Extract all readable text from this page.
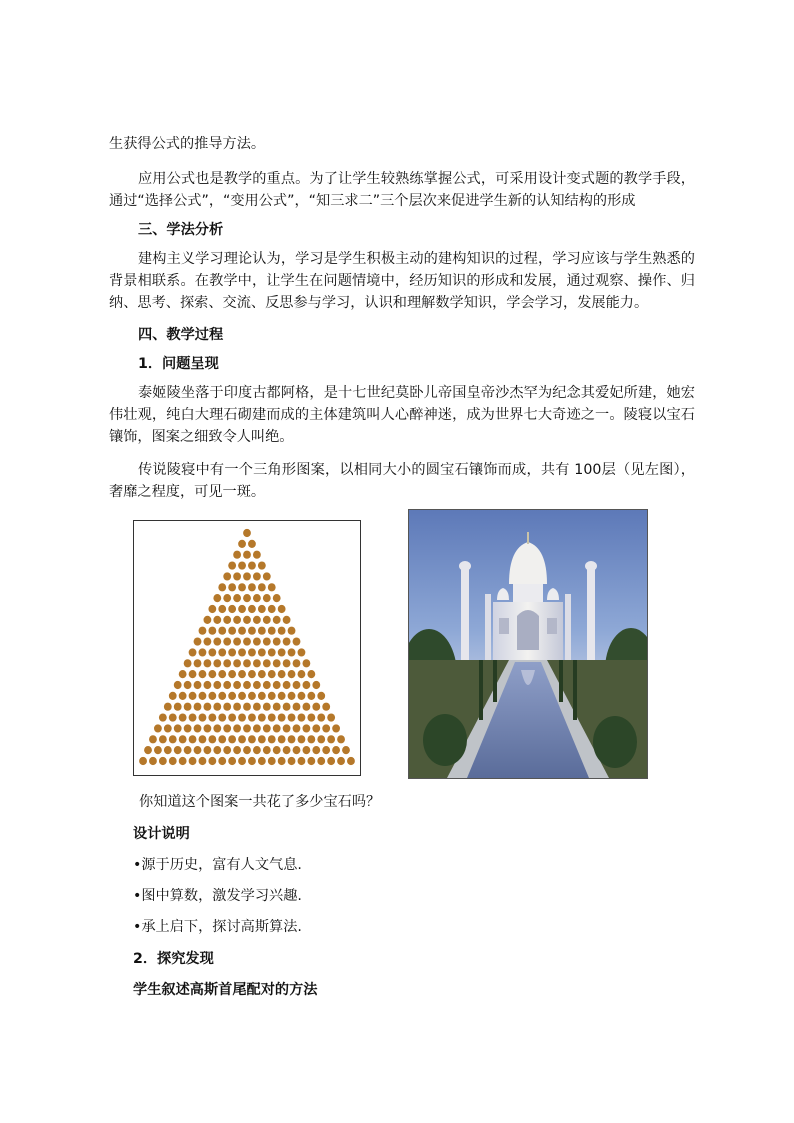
生获得公式的推导方法。

应用公式也是教学的重点。为了让学生较熟练掌握公式，可采用设计变式题的教学手段，通过“选择公式”，“变用公式”，“知三求二”三个层次来促进学生新的认知结构的形成

三、学法分析

建构主义学习理论认为，学习是学生积极主动的建构知识的过程，学习应该与学生熟悉的背景相联系。在教学中，让学生在问题情境中，经历知识的形成和发展，通过观察、操作、归纳、思考、探索、交流、反思参与学习，认识和理解数学知识，学会学习，发展能力。

四、教学过程

1．问题呈现

泰姬陵坐落于印度古都阿格，是十七世纪莫卧儿帝国皇帝沙杰罕为纪念其爱妃所建，她宏伟壮观，纯白大理石砌建而成的主体建筑叫人心醉神迷，成为世界七大奇迹之一。陵寝以宝石镶饰，图案之细致令人叫绝。

传说陵寝中有一个三角形图案，以相同大小的圆宝石镶饰而成，共有 100层（见左图），奢靡之程度，可见一斑。

你知道这个图案一共花了多少宝石吗？

设计说明

•源于历史，富有人文气息.

•图中算数，激发学习兴趣.

•承上启下，探讨高斯算法.

2．探究发现

学生叙述高斯首尾配对的方法
